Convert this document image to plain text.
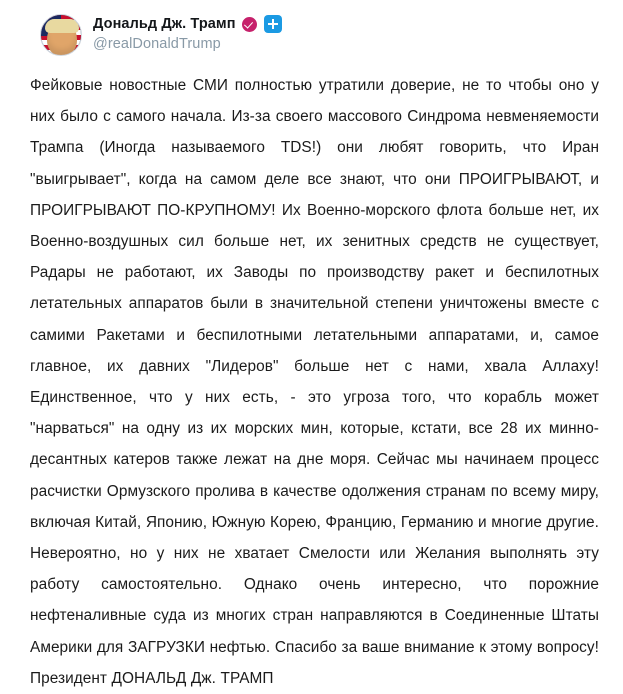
Дональд Дж. Трамп
@realDonaldTrump

Фейковые новостные СМИ полностью утратили доверие, не то чтобы оно у них было с самого начала. Из-за своего массового Синдрома невменяемости Трампа (Иногда называемого TDS!) они любят говорить, что Иран "выигрывает", когда на самом деле все знают, что они ПРОИГРЫВАЮТ, и ПРОИГРЫВАЮТ ПО-КРУПНОМУ! Их Военно-морского флота больше нет, их Военно-воздушных сил больше нет, их зенитных средств не существует, Радары не работают, их Заводы по производству ракет и беспилотных летательных аппаратов были в значительной степени уничтожены вместе с самими Ракетами и беспилотными летательными аппаратами, и, самое главное, их давних "Лидеров" больше нет с нами, хвала Аллаху! Единственное, что у них есть, - это угроза того, что корабль может "нарваться" на одну из их морских мин, которые, кстати, все 28 их минно-десантных катеров также лежат на дне моря. Сейчас мы начинаем процесс расчистки Ормузского пролива в качестве одолжения странам по всему миру, включая Китай, Японию, Южную Корею, Францию, Германию и многие другие. Невероятно, но у них не хватает Смелости или Желания выполнять эту работу самостоятельно. Однако очень интересно, что порожние нефтеналивные суда из многих стран направляются в Соединенные Штаты Америки для ЗАГРУЗКИ нефтью. Спасибо за ваше внимание к этому вопросу! Президент ДОНАЛЬД Дж. ТРАМП
